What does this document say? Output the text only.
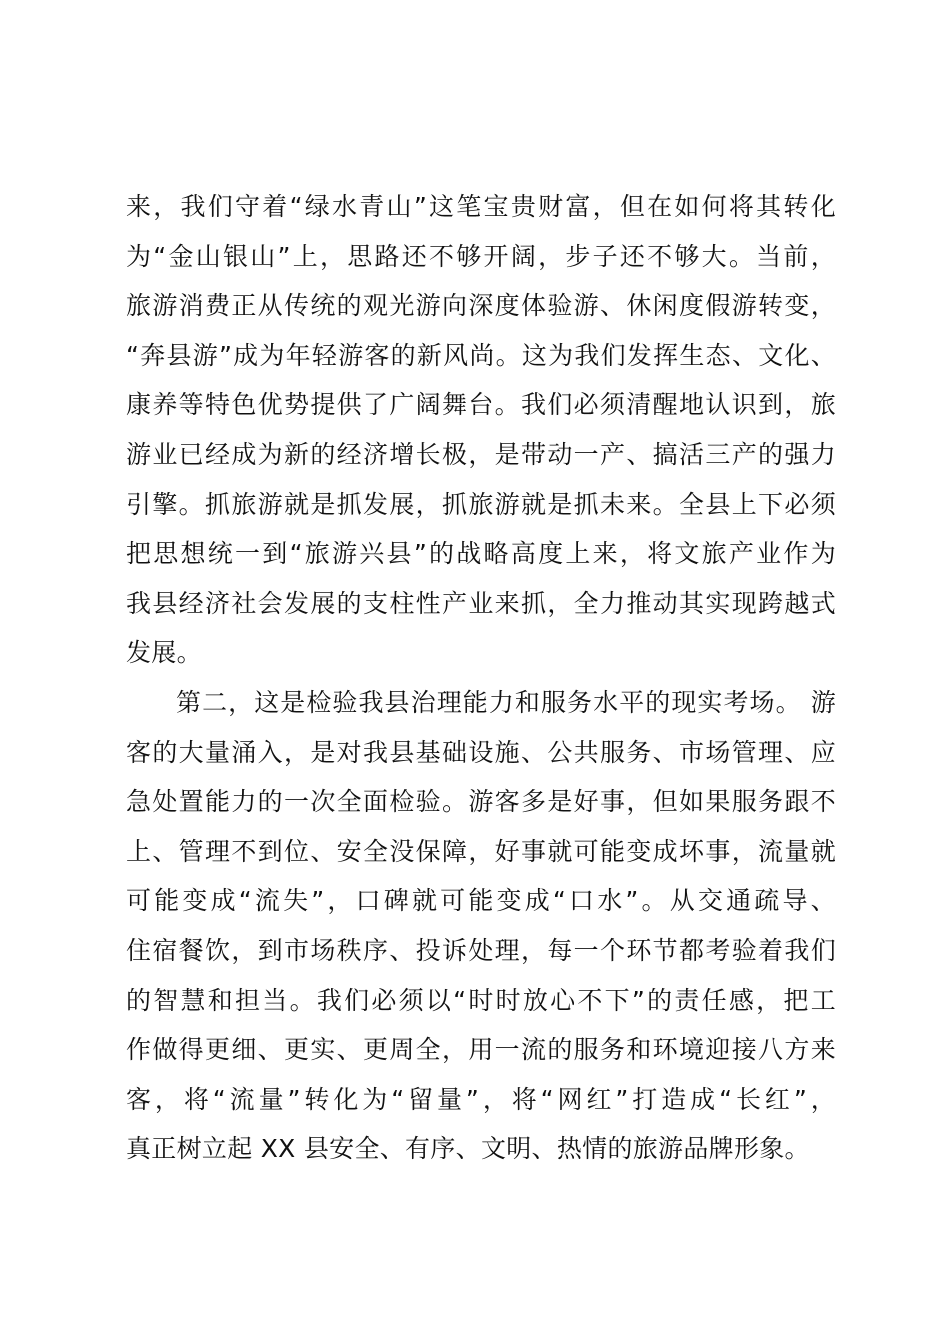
来，我们守着“绿水青山”这笔宝贵财富，但在如何将其转化
为“金山银山”上，思路还不够开阔，步子还不够大。当前，
旅游消费正从传统的观光游向深度体验游、休闲度假游转变，
“奔县游”成为年轻游客的新风尚。这为我们发挥生态、文化、
康养等特色优势提供了广阔舞台。我们必须清醒地认识到，旅
游业已经成为新的经济增长极，是带动一产、搞活三产的强力
引擎。抓旅游就是抓发展，抓旅游就是抓未来。全县上下必须
把思想统一到“旅游兴县”的战略高度上来，将文旅产业作为
我县经济社会发展的支柱性产业来抓，全力推动其实现跨越式
发展。
第二，这是检验我县治理能力和服务水平的现实考场。 游
客的大量涌入，是对我县基础设施、公共服务、市场管理、应
急处置能力的一次全面检验。游客多是好事，但如果服务跟不
上、管理不到位、安全没保障，好事就可能变成坏事，流量就
可能变成“流失”，口碑就可能变成“口水”。从交通疏导、
住宿餐饮，到市场秩序、投诉处理，每一个环节都考验着我们
的智慧和担当。我们必须以“时时放心不下”的责任感，把工
作做得更细、更实、更周全，用一流的服务和环境迎接八方来
客，将“流量”转化为“留量”，将“网红”打造成“长红”，
真正树立起 XX 县安全、有序、文明、热情的旅游品牌形象。
